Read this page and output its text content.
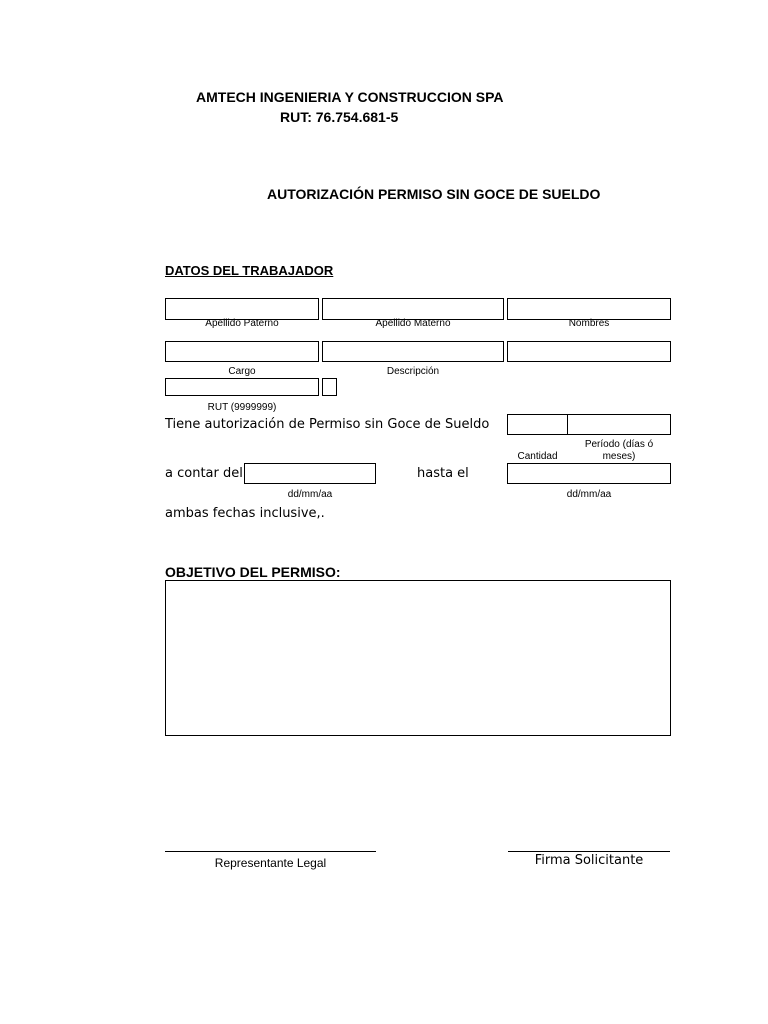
AMTECH INGENIERIA Y CONSTRUCCION SPA
RUT: 76.754.681-5
AUTORIZACIÓN PERMISO SIN GOCE DE SUELDO
DATOS DEL TRABAJADOR
Apellido Paterno	Apellido Materno	Nombres
Cargo	Descripción
RUT (9999999)
Tiene autorización de Permiso sin Goce de Sueldo
Cantidad
Período (días ó
meses)
a contar del	hasta el
dd/mm/aa	dd/mm/aa
ambas fechas inclusive,.
OBJETIVO DEL PERMISO:
Representante Legal	Firma Solicitante
